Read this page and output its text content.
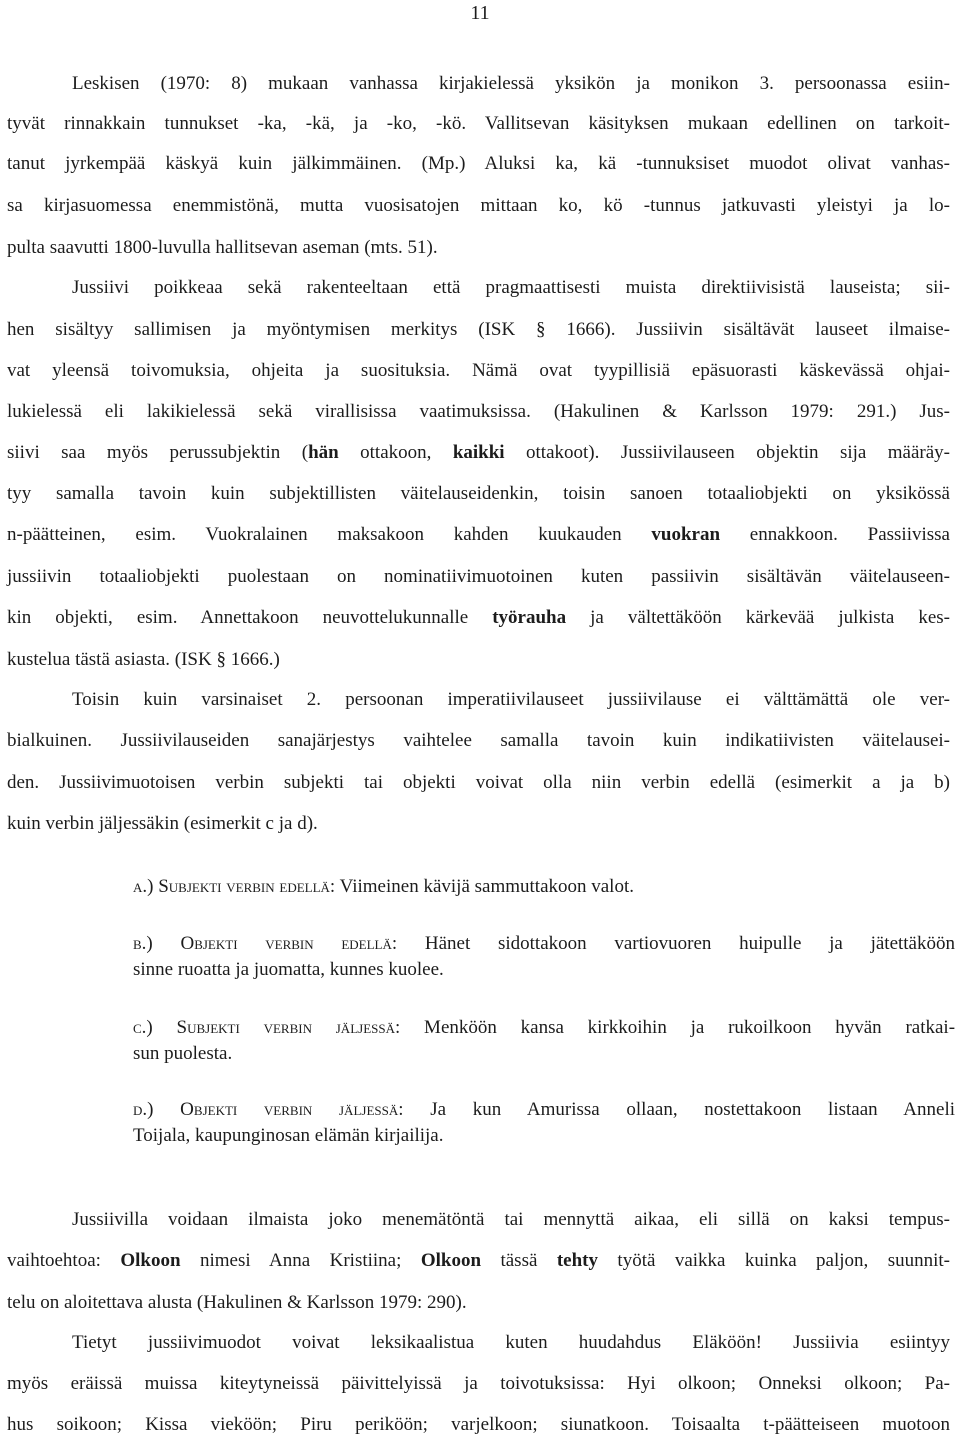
11
Leskisen (1970: 8) mukaan vanhassa kirjakielessä yksikön ja monikon 3. persoonassa esiin-
tyvät rinnakkain tunnukset -ka, -kä, ja -ko, -kö. Vallitsevan käsityksen mukaan edellinen on tarkoit-
tanut jyrkempää käskyä kuin jälkimmäinen. (Mp.) Aluksi ka, kä -tunnuksiset muodot olivat vanhas-
sa kirjasuomessa enemmistönä, mutta vuosisatojen mittaan ko, kö -tunnus jatkuvasti yleistyi ja lo-
pulta saavutti 1800-luvulla hallitsevan aseman (mts. 51).
Jussiivi poikkeaa sekä rakenteeltaan että pragmaattisesti muista direktiivisistä lauseista; sii-
hen sisältyy sallimisen ja myöntymisen merkitys (ISK § 1666). Jussiivin sisältävät lauseet ilmaise-
vat yleensä toivomuksia, ohjeita ja suosituksia. Nämä ovat tyypillisiä epäsuorasti käskevässä ohjai-
lukielessä eli lakikielessä sekä virallisissa vaatimuksissa. (Hakulinen & Karlsson 1979: 291.) Jus-
siivi saa myös perussubjektin (hän ottakoon, kaikki ottakoot). Jussiivilauseen objektin sija määräy-
tyy samalla tavoin kuin subjektillisten väitelauseidenkin, toisin sanoen totaaliobjekti on yksikössä
n-päätteinen, esim. Vuokralainen maksakoon kahden kuukauden vuokran ennakkoon. Passiivissa
jussiivin totaaliobjekti puolestaan on nominatiivimuotoinen kuten passiivin sisältävän väitelauseen-
kin objekti, esim. Annettakoon neuvottelukunnalle työrauha ja vältettäköön kärkevää julkista kes-
kustelua tästä asiasta. (ISK § 1666.)
Toisin kuin varsinaiset 2. persoonan imperatiivilauseet jussiivilause ei välttämättä ole ver-
bialkuinen. Jussiivilauseiden sanajärjestys vaihtelee samalla tavoin kuin indikatiivisten väitelausei-
den. Jussiivimuotoisen verbin subjekti tai objekti voivat olla niin verbin edellä (esimerkit a ja b)
kuin verbin jäljessäkin (esimerkit c ja d).
a.) Subjekti verbin edellä: Viimeinen kävijä sammuttakoon valot.
b.) Objekti verbin edellä: Hänet sidottakoon vartiovuoren huipulle ja jätettäköön
sinne ruoatta ja juomatta, kunnes kuolee.
c.) Subjekti verbin jäljessä: Menköön kansa kirkkoihin ja rukoilkoon hyvän ratkai-
sun puolesta.
d.) Objekti verbin jäljessä: Ja kun Amurissa ollaan, nostettakoon listaan Anneli
Toijala, kaupunginosan elämän kirjailija.
Jussiivilla voidaan ilmaista joko menemätöntä tai mennyttä aikaa, eli sillä on kaksi tempus-
vaihtoehtoa: Olkoon nimesi Anna Kristiina; Olkoon tässä tehty työtä vaikka kuinka paljon, suunnit-
telu on aloitettava alusta (Hakulinen & Karlsson 1979: 290).
Tietyt jussiivimuodot voivat leksikaalistua kuten huudahdus Eläköön! Jussiivia esiintyy
myös eräissä muissa kiteytyneissä päivittelyissä ja toivotuksissa: Hyi olkoon; Onneksi olkoon; Pa-
hus soikoon; Kissa vieköön; Piru periköön; varjelkoon; siunatkoon. Toisaalta t-päätteiseen muotoon
